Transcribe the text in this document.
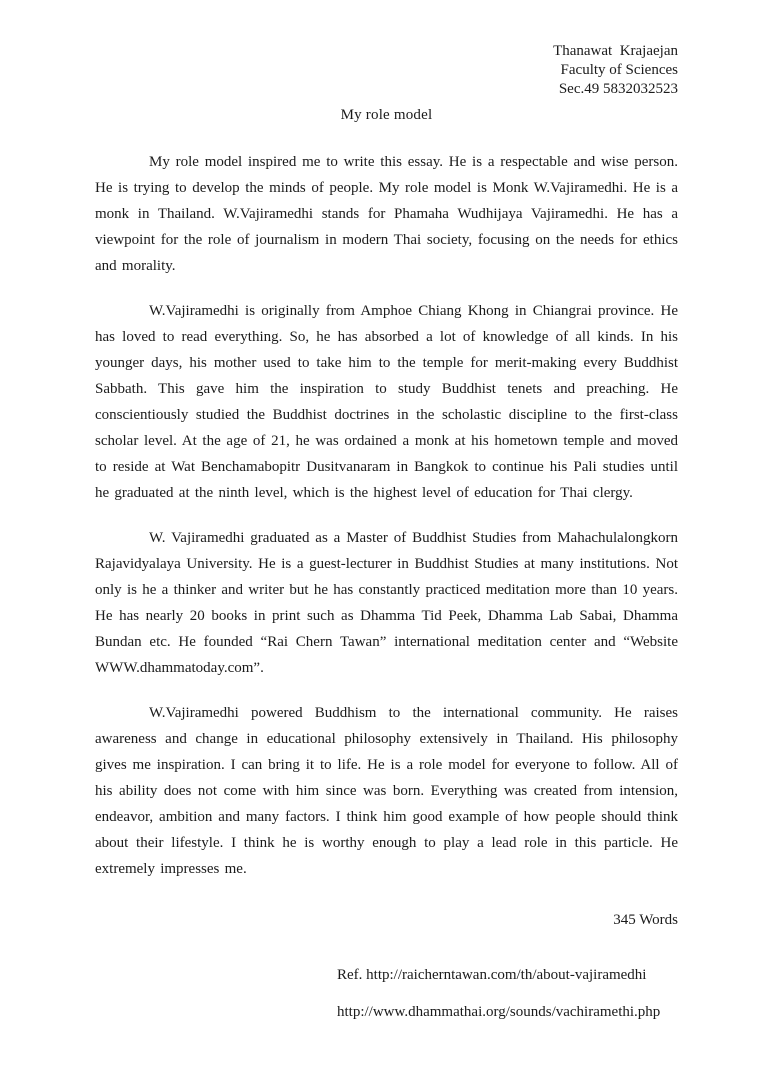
Thanawat  Krajaejan
Faculty of Sciences
Sec.49 5832032523
My role model

My role model inspired me to write this essay. He is a respectable and wise person. He is trying to develop the minds of people. My role model is Monk W.Vajiramedhi. He is a monk in Thailand. W.Vajiramedhi stands for Phamaha Wudhijaya Vajiramedhi. He has a viewpoint for the role of journalism in modern Thai society, focusing on the needs for ethics and morality.

W.Vajiramedhi is originally from Amphoe Chiang Khong in Chiangrai province. He has loved to read everything. So, he has absorbed a lot of knowledge of all kinds. In his younger days, his mother used to take him to the temple for merit-making every Buddhist Sabbath. This gave him the inspiration to study Buddhist tenets and preaching. He conscientiously studied the Buddhist doctrines in the scholastic discipline to the first-class scholar level. At the age of 21, he was ordained a monk at his hometown temple and moved to reside at Wat Benchamabopitr Dusitvanaram in Bangkok to continue his Pali studies until he graduated at the ninth level, which is the highest level of education for Thai clergy.

W. Vajiramedhi graduated as a Master of Buddhist Studies from Mahachulalongkorn Rajavidyalaya University. He is a guest-lecturer in Buddhist Studies at many institutions. Not only is he a thinker and writer but he has constantly practiced meditation more than 10 years. He has nearly 20 books in print such as Dhamma Tid Peek, Dhamma Lab Sabai, Dhamma Bundan etc. He founded “Rai Chern Tawan” international meditation center and “Website WWW.dhammatoday.com”.

W.Vajiramedhi powered Buddhism to the international community. He raises awareness and change in educational philosophy extensively in Thailand. His philosophy gives me inspiration. I can bring it to life. He is a role model for everyone to follow. All of his ability does not come with him since was born. Everything was created from intension, endeavor, ambition and many factors. I think him good example of how people should think about their lifestyle. I think he is worthy enough to play a lead role in this particle. He extremely impresses me.

345 Words
Ref. http://raicherntawan.com/th/about-vajiramedhi
http://www.dhammathai.org/sounds/vachiramethi.php
